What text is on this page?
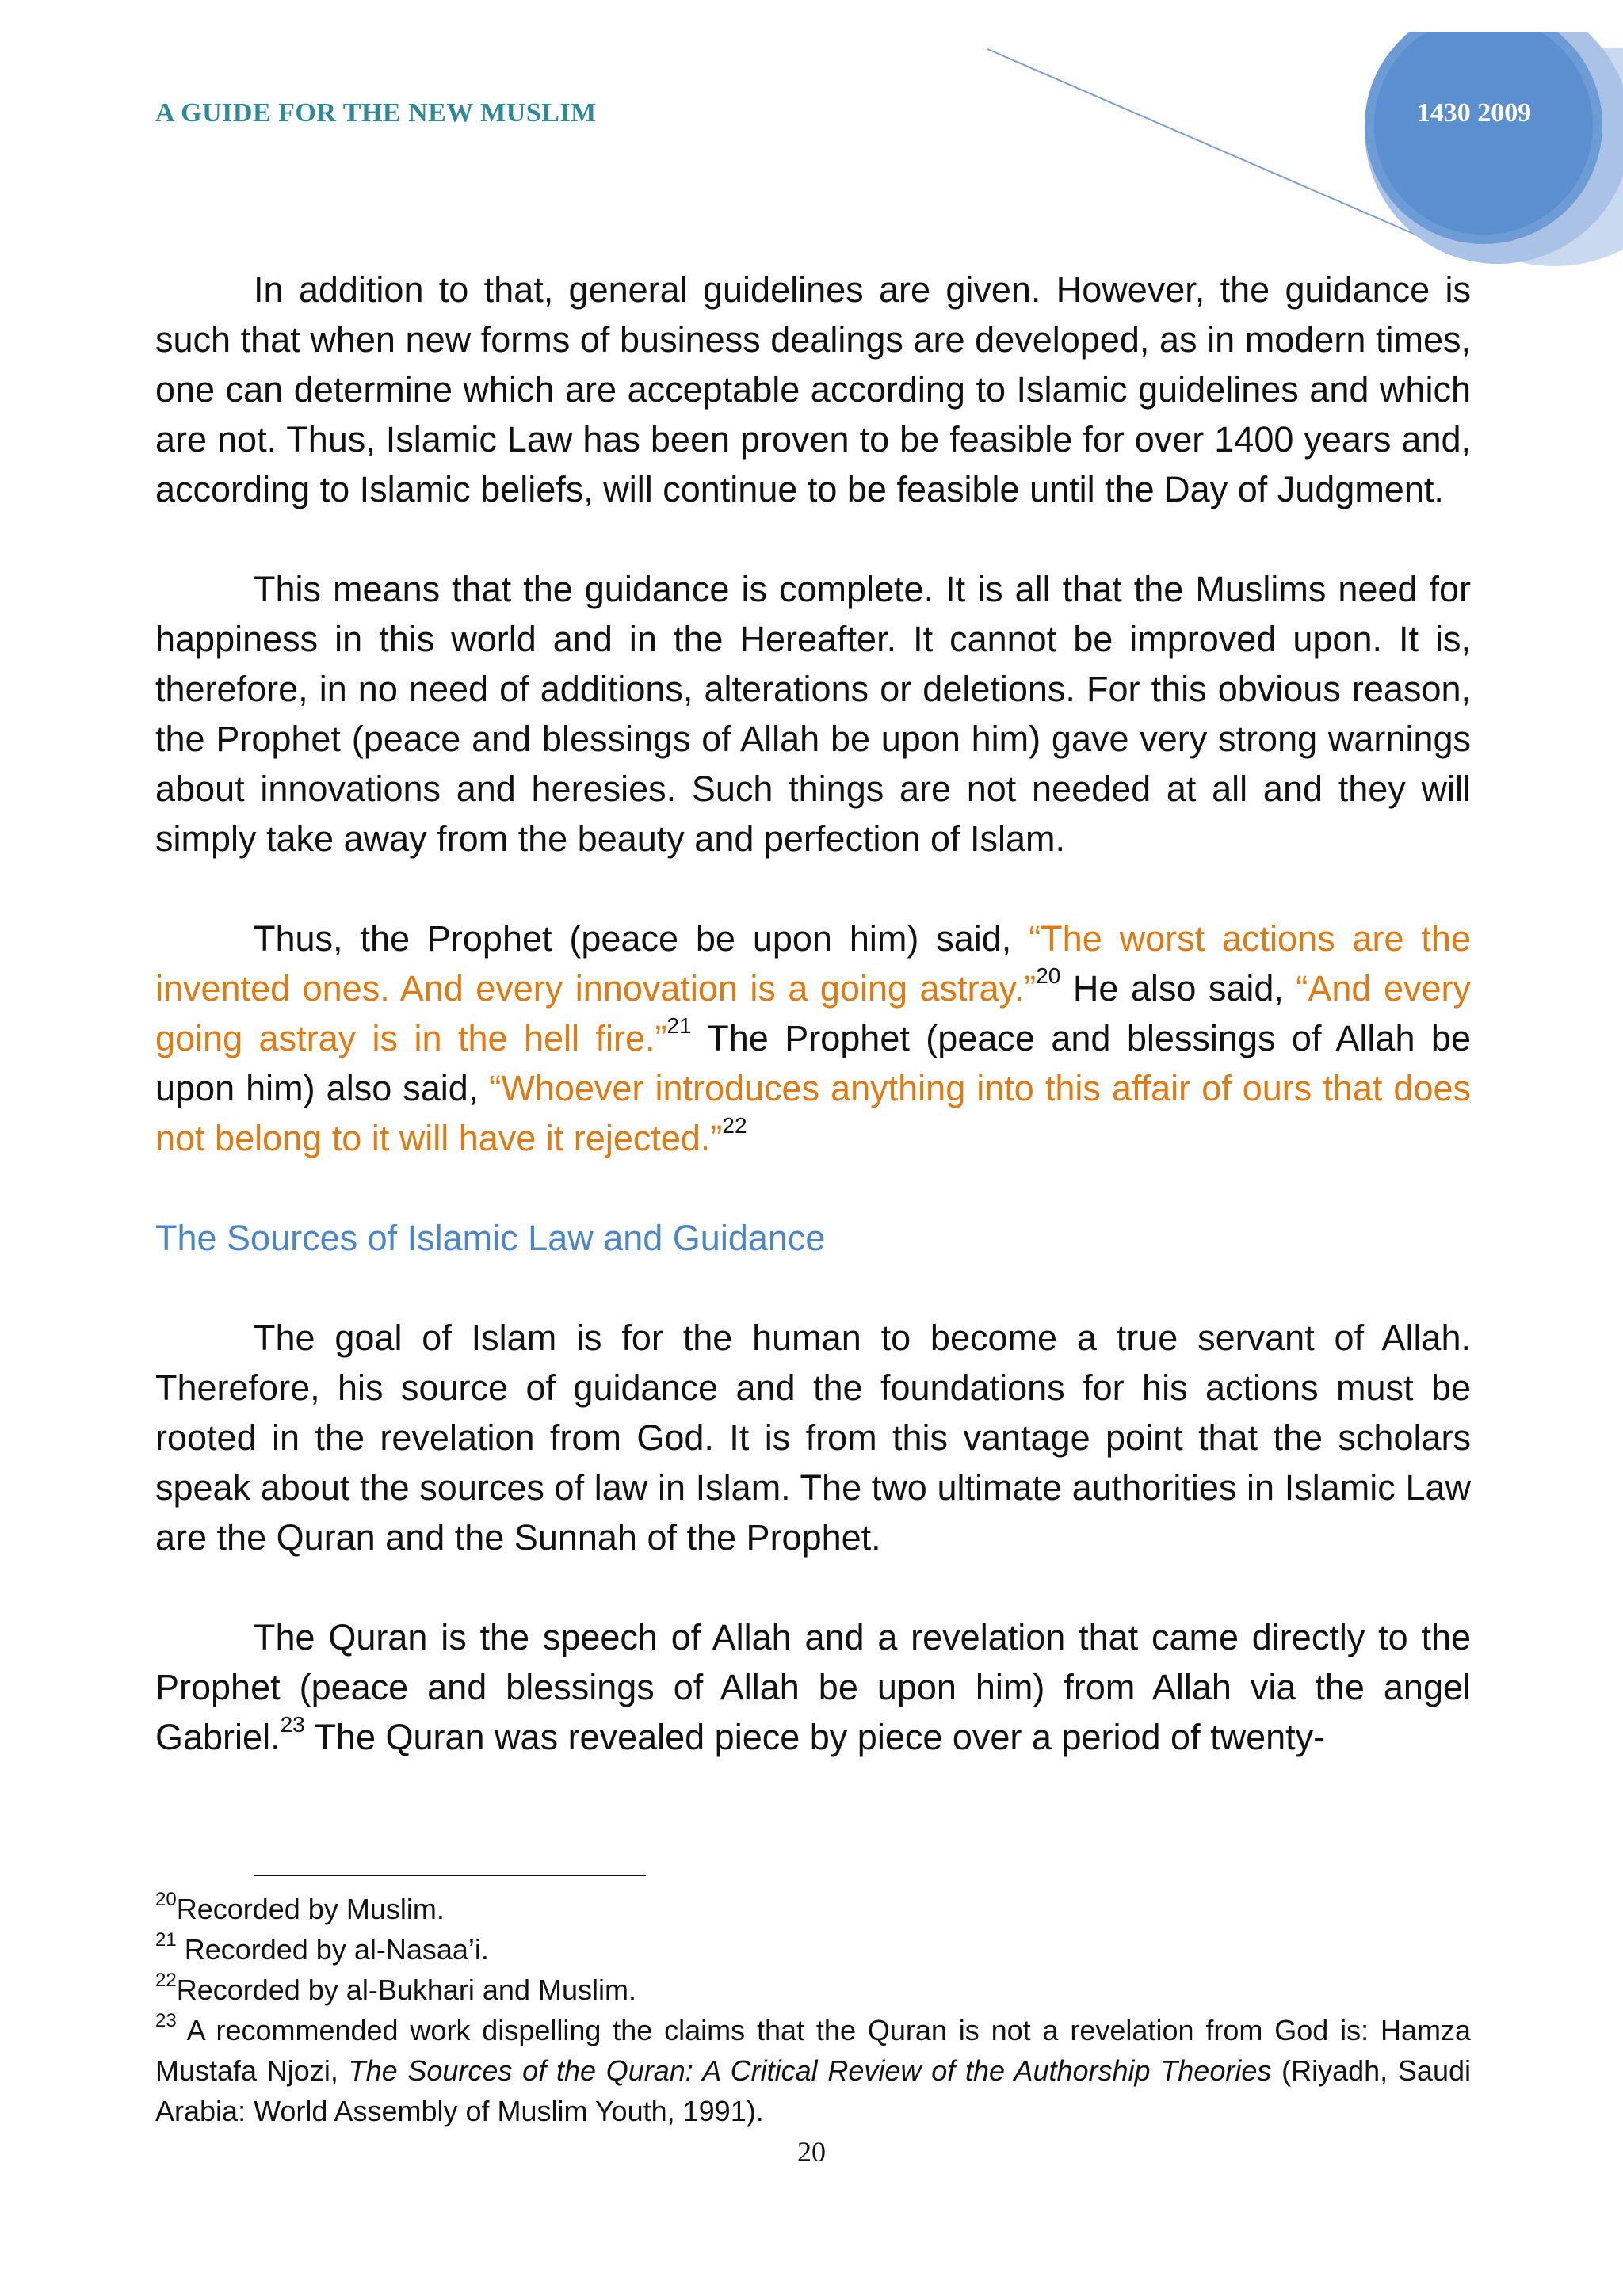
A GUIDE FOR THE NEW MUSLIM	1430 2009

In addition to that, general guidelines are given. However, the guidance is such that when new forms of business dealings are developed, as in modern times, one can determine which are acceptable according to Islamic guidelines and which are not. Thus, Islamic Law has been proven to be feasible for over 1400 years and, according to Islamic beliefs, will continue to be feasible until the Day of Judgment.

This means that the guidance is complete. It is all that the Muslims need for happiness in this world and in the Hereafter. It cannot be improved upon. It is, therefore, in no need of additions, alterations or deletions. For this obvious reason, the Prophet (peace and blessings of Allah be upon him) gave very strong warnings about innovations and heresies. Such things are not needed at all and they will simply take away from the beauty and perfection of Islam.

Thus, the Prophet (peace be upon him) said, “The worst actions are the invented ones. And every innovation is a going astray.”$^{20}$ He also said, “And every going astray is in the hell fire.”$^{21}$ The Prophet (peace and blessings of Allah be upon him) also said, “Whoever introduces anything into this affair of ours that does not belong to it will have it rejected.”$^{22}$

The Sources of Islamic Law and Guidance

The goal of Islam is for the human to become a true servant of Allah. Therefore, his source of guidance and the foundations for his actions must be rooted in the revelation from God. It is from this vantage point that the scholars speak about the sources of law in Islam. The two ultimate authorities in Islamic Law are the Quran and the Sunnah of the Prophet.

The Quran is the speech of Allah and a revelation that came directly to the Prophet (peace and blessings of Allah be upon him) from Allah via the angel Gabriel.$^{23}$ The Quran was revealed piece by piece over a period of twenty-

$^{20}$Recorded by Muslim.

$^{21}$ Recorded by al-Nasaa’i.

$^{22}$Recorded by al-Bukhari and Muslim.

$^{23}$ A recommended work dispelling the claims that the Quran is not a revelation from God is: Hamza Mustafa Njozi, The Sources of the Quran: A Critical Review of the Authorship Theories (Riyadh, Saudi Arabia: World Assembly of Muslim Youth, 1991).

20
